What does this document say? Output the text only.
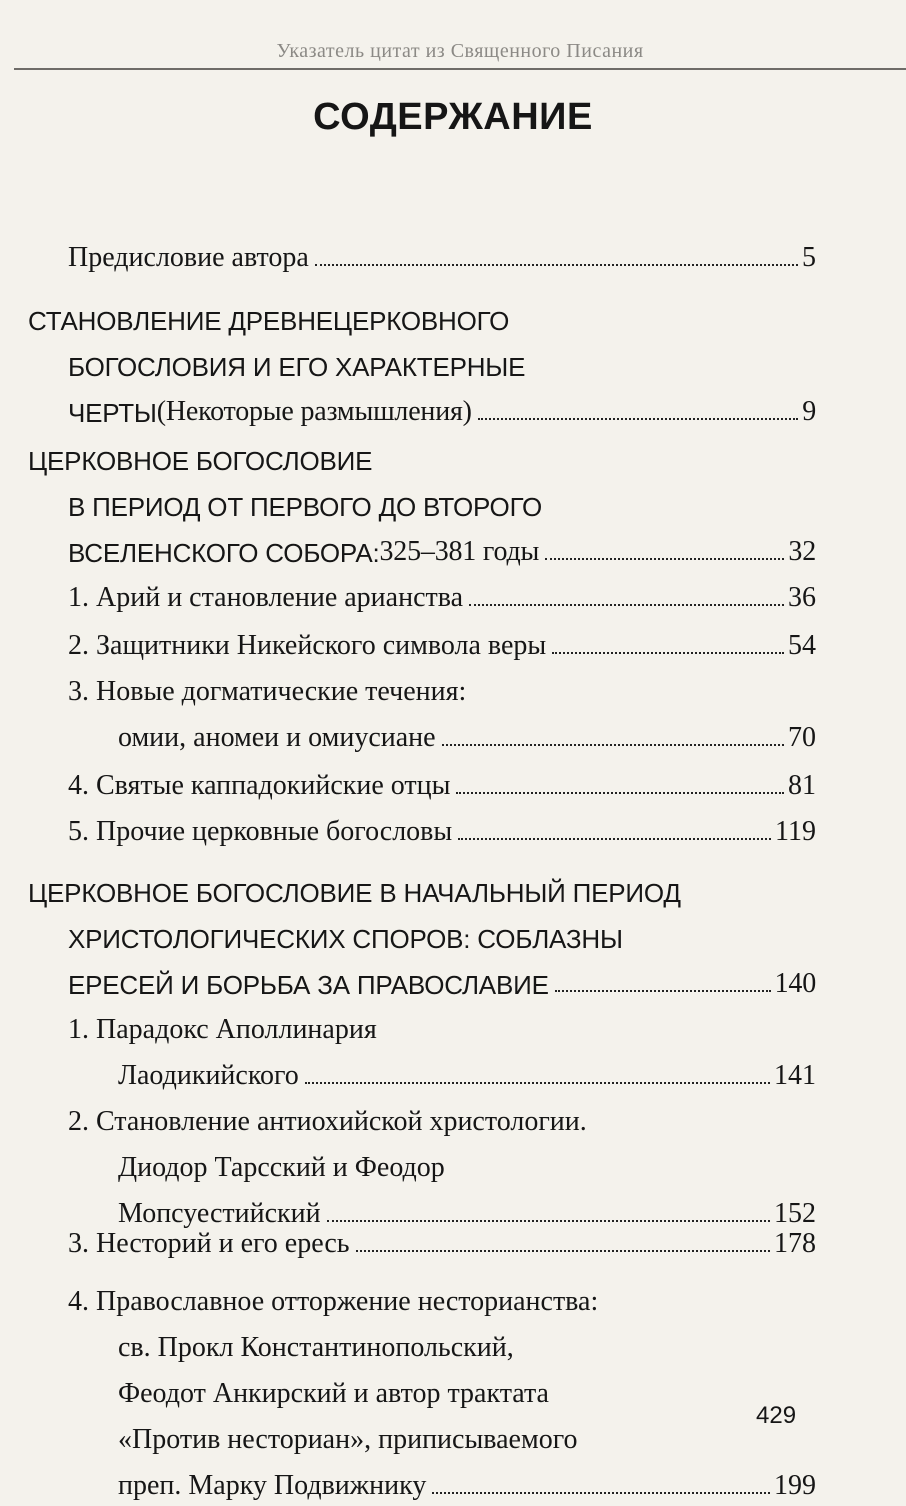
Указатель цитат из Священного Писания
СОДЕРЖАНИЕ
Предисловие автора	5
СТАНОВЛЕНИЕ ДРЕВНЕЦЕРКОВНОГО
БОГОСЛОВИЯ И ЕГО ХАРАКТЕРНЫЕ
ЧЕРТЫ (Некоторые размышления)	9
ЦЕРКОВНОЕ БОГОСЛОВИЕ
В ПЕРИОД ОТ ПЕРВОГО ДО ВТОРОГО
ВСЕЛЕНСКОГО СОБОРА: 325–381 годы	32
1. Арий и становление арианства	36
2. Защитники Никейского символа веры	54
3. Новые догматические течения:
омии, аномеи и омиусиане	70
4. Святые каппадокийские отцы	81
5. Прочие церковные богословы	119
ЦЕРКОВНОЕ БОГОСЛОВИЕ В НАЧАЛЬНЫЙ ПЕРИОД
ХРИСТОЛОГИЧЕСКИХ СПОРОВ: СОБЛАЗНЫ
ЕРЕСЕЙ И БОРЬБА ЗА ПРАВОСЛАВИЕ	140
1. Парадокс Аполлинария
Лаодикийского	141
2. Становление антиохийской христологии.
Диодор Тарсский и Феодор
Мопсуестийский	152
3. Несторий и его ересь	178
4. Православное отторжение несторианства:
св. Прокл Константинопольский,
Феодот Анкирский и автор трактата
«Против несториан», приписываемого
преп. Марку Подвижнику	199
429
